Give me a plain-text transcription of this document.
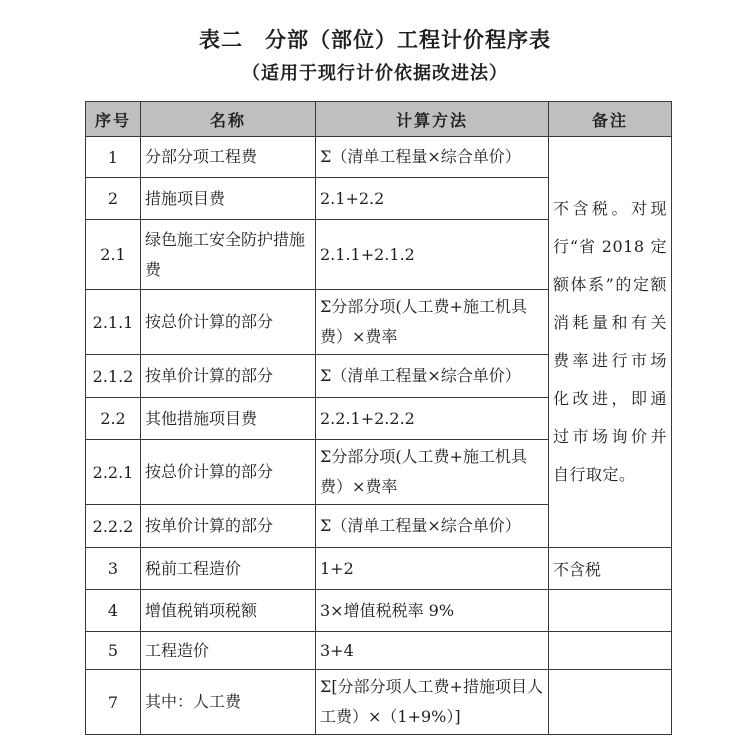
表二　分部（部位）工程计价程序表
（适用于现行计价依据改进法）
序号	名称	计算方法	备注
1	分部分项工程费	Σ（清单工程量×综合单价）	不含税。对现行“省 2018 定额体系”的定额消耗量和有关费率进行市场化改进，即通过市场询价并自行取定。
2	措施项目费	2.1+2.2	
2.1	绿色施工安全防护措施费	2.1.1+2.1.2	
2.1.1	按总价计算的部分	Σ分部分项(人工费+施工机具费）×费率	
2.1.2	按单价计算的部分	Σ（清单工程量×综合单价）	
2.2	其他措施项目费	2.2.1+2.2.2	
2.2.1	按总价计算的部分	Σ分部分项(人工费+施工机具费）×费率	
2.2.2	按单价计算的部分	Σ（清单工程量×综合单价）	
3	税前工程造价	1+2	不含税
4	增值税销项税额	3×增值税税率 9%	
5	工程造价	3+4	
7	其中：人工费	Σ[分部分项人工费+措施项目人工费）×（1+9%）]	
